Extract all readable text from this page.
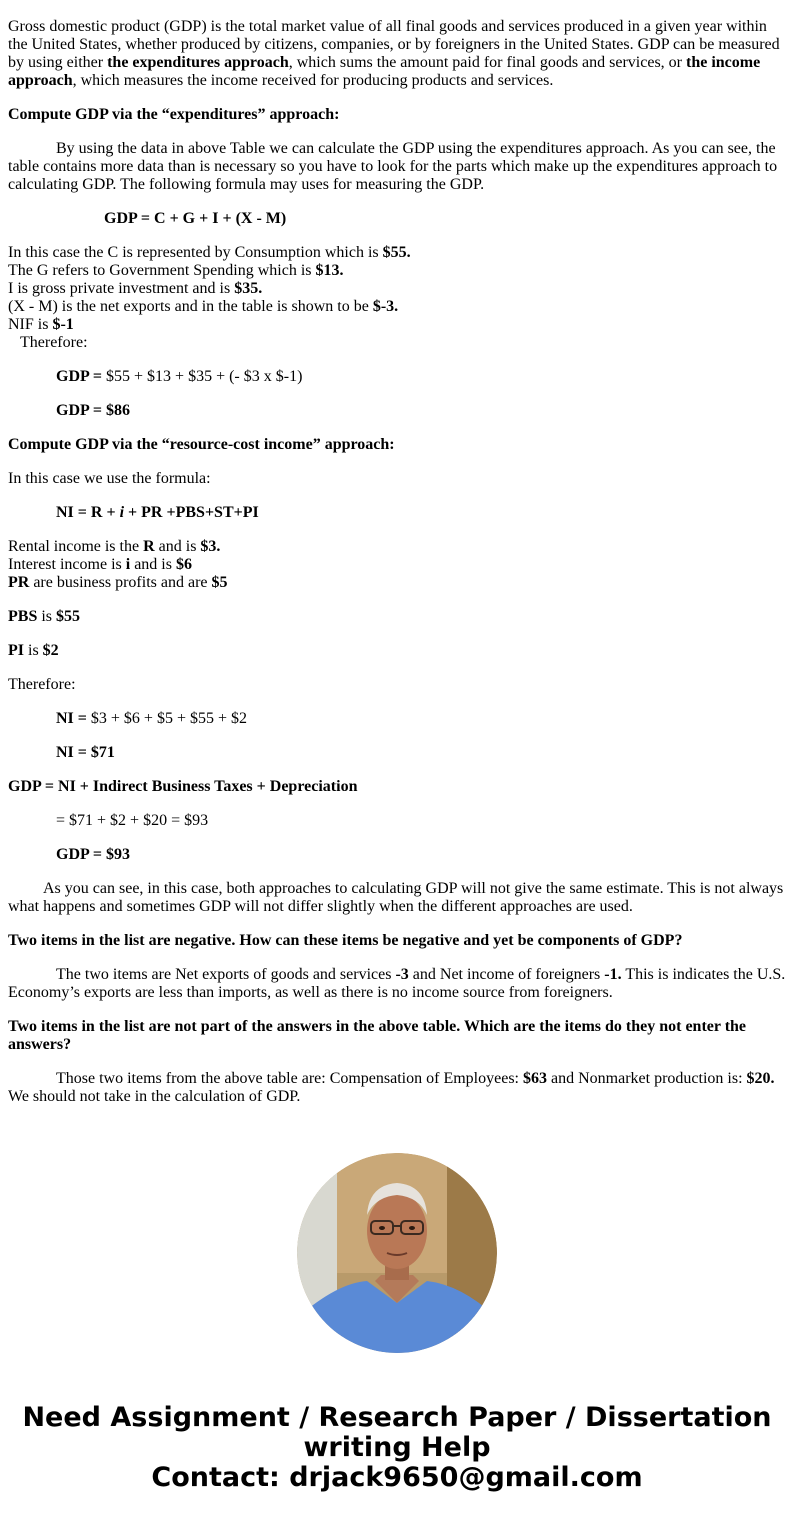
Gross domestic product (GDP) is the total market value of all final goods and services produced in a given year within the United States, whether produced by citizens, companies, or by foreigners in the United States. GDP can be measured by using either the expenditures approach, which sums the amount paid for final goods and services, or the income approach, which measures the income received for producing products and services.

Compute GDP via the “expenditures” approach:

By using the data in above Table we can calculate the GDP using the expenditures approach. As you can see, the table contains more data than is necessary so you have to look for the parts which make up the expenditures approach to calculating GDP. The following formula may uses for measuring the GDP.

GDP = C + G + I + (X - M)

In this case the C is represented by Consumption which is $55.

The G refers to Government Spending which is $13.

I is gross private investment and is $35.

(X - M) is the net exports and in the table is shown to be $-3.

NIF is $-1

Therefore:

GDP = $55 + $13 + $35 + (- $3 x $-1)

GDP = $86

Compute GDP via the “resource-cost income” approach:

In this case we use the formula:

NI = R + i + PR +PBS+ST+PI

Rental income is the R and is $3.

Interest income is i and is $6

PR are business profits and are $5

PBS is $55

PI is $2

Therefore:

NI = $3 + $6 + $5 + $55 + $2

NI = $71

GDP = NI + Indirect Business Taxes + Depreciation

= $71 + $2 + $20 = $93

GDP = $93

As you can see, in this case, both approaches to calculating GDP will not give the same estimate. This is not always what happens and sometimes GDP will not differ slightly when the different approaches are used.

Two items in the list are negative. How can these items be negative and yet be components of GDP?

The two items are Net exports of goods and services -3 and Net income of foreigners -1. This is indicates the U.S. Economy’s exports are less than imports, as well as there is no income source from foreigners.

Two items in the list are not part of the answers in the above table. Which are the items do they not enter the answers?

Those two items from the above table are: Compensation of Employees: $63 and Nonmarket production is: $20. We should not take in the calculation of GDP.

Need Assignment / Research Paper / Dissertation
writing Help
Contact: drjack9650@gmail.com
